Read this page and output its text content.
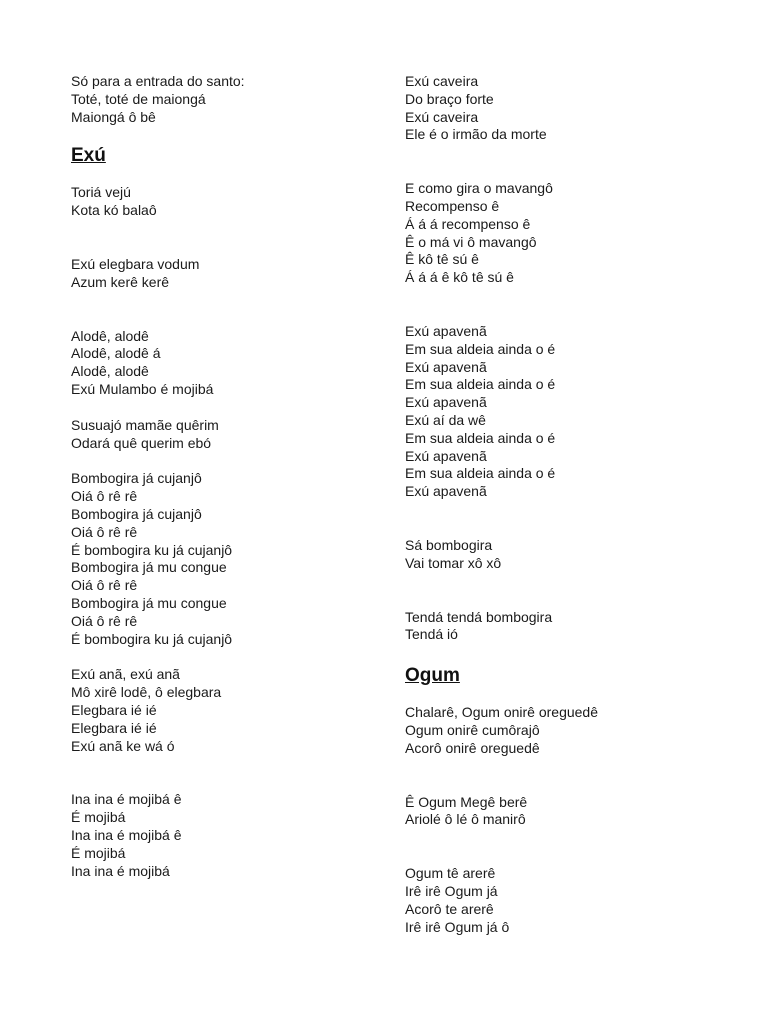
Só para a entrada do santo:
Toté, toté de maiongá
Maiongá ô bê
Exú
Toriá vejú
Kota kó balaô
Exú elegbara vodum
Azum kerê kerê
Alodê, alodê
Alodê, alodê á
Alodê, alodê
Exú Mulambo é mojibá
Susuajó mamãe quêrim
Odará quê querim ebó
Bombogira já cujanjô
Oiá ô rê rê
Bombogira já cujanjô
Oiá ô rê rê
É bombogira ku já cujanjô
Bombogira já mu congue
Oiá ô rê rê
Bombogira já mu congue
Oiá ô rê rê
É bombogira ku já cujanjô
Exú anã, exú anã
Mô xirê lodê, ô elegbara
Elegbara ié ié
Elegbara ié ié
Exú anã ke wá ó
Ina ina é mojibá ê
É mojibá
Ina ina é mojibá ê
É mojibá
Ina ina é mojibá
Exú caveira
Do braço forte
Exú caveira
Ele é o irmão da morte
E como gira o mavangô
Recompenso ê
Á á á recompenso ê
Ê o má vi ô mavangô
Ê kô tê sú ê
Á á á ê kô tê sú ê
Exú apavenã
Em sua aldeia ainda o é
Exú apavenã
Em sua aldeia ainda o é
Exú apavenã
Exú aí da wê
Em sua aldeia ainda o é
Exú apavenã
Em sua aldeia ainda o é
Exú apavenã
Sá bombogira
Vai tomar xô xô
Tendá tendá bombogira
Tendá ió
Ogum
Chalarê, Ogum onirê oreguedê
Ogum onirê cumôrajô
Acorô onirê oreguedê
Ê Ogum Megê berê
Ariolé ô lé ô manirô
Ogum tê arerê
Irê irê Ogum já
Acorô te arerê
Irê irê Ogum já ô
